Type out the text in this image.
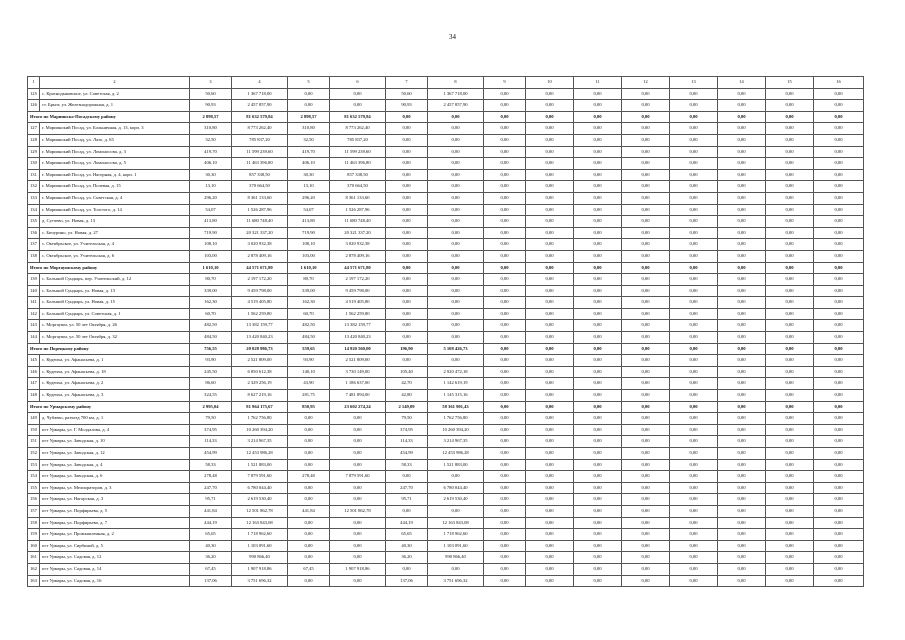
34
1	2	3	4	5	6	7	8	9	10	11	12	13	14	15	16
125	с. Краснодыковское, ул. Советская, д. 2	50,60	1 367 718,00	0,00	0,00	50,60	1 367 718,00	0,00	0,00	0,00	0,00	0,00	0,00	0,00	0,00
126	ст. Брызг, ул. Железнодорожная, д. 1	90,93	2 457 857,90	0,00	0,00	90,93	2 457 857,90	0,00	0,00	0,00	0,00	0,00	0,00	0,00	0,00
Итого по Мариинско-Посадскому району		2 898,57	81 632 579,84	2 898,57	81 632 579,84	0,00	0,00	0,00	0,00	0,00	0,00	0,00	0,00	0,00	0,00
127	г. Мариинский Посад, ул. Больничная, д. 13, корп. 3	310,80	8 773 262,40	310,80	8 773 262,40	0,00	0,00	0,00	0,00	0,00	0,00	0,00	0,00	0,00	0,00
128	г. Мариинский Посад, ул. Лазо, д. 65	32,50	785 837,20	32,50	785 837,20	0,00	0,00	0,00	0,00	0,00	0,00	0,00	0,00	0,00	0,00
129	г. Мариинский Посад, ул. Ломоносова, д. 3	419,70	11 599 239,60	419,70	11 599 239,60	0,00	0,00	0,00	0,00	0,00	0,00	0,00	0,00	0,00	0,00
130	г. Мариинский Посад, ул. Ломоносова, д. 5	406,10	11 463 396,80	406,10	11 463 396,80	0,00	0,00	0,00	0,00	0,00	0,00	0,00	0,00	0,00	0,00
131	г. Мариинский Посад, ул. Нагорная, д. 4, корп. 1	30,30	857 338,50	30,30	857 338,50	0,00	0,00	0,00	0,00	0,00	0,00	0,00	0,00	0,00	0,00
132	г. Мариинский Посад, ул. Полевая, д. 15	13,10	370 664,50	13,10	370 664,50	0,00	0,00	0,00	0,00	0,00	0,00	0,00	0,00	0,00	0,00
133	г. Мариинский Посад, ул. Советская, д. 4	296,20	8 361 133,60	296,20	8 361 133,60	0,00	0,00	0,00	0,00	0,00	0,00	0,00	0,00	0,00	0,00
134	г. Мариинский Посад, ул. Толстого, д. 14	54,07	1 526 287,96	54,07	1 526 287,96	0,00	0,00	0,00	0,00	0,00	0,00	0,00	0,00	0,00	0,00
135	д. Сутчево, ул. Новая, д. 13	413,80	11 680 748,40	413,80	11 680 748,40	0,00	0,00	0,00	0,00	0,00	0,00	0,00	0,00	0,00	0,00
136	с. Бичурино, ул. Новая, д. 27	719,90	20 321 337,20	719,90	20 321 337,20	0,00	0,00	0,00	0,00	0,00	0,00	0,00	0,00	0,00	0,00
137	с. Октябрьское, ул. Учительская, д. 4	108,10	3 020 932,38	108,10	3 020 932,38	0,00	0,00	0,00	0,00	0,00	0,00	0,00	0,00	0,00	0,00
138	с. Октябрьское, ул. Учительская, д. 6	103,00	2 878 409,16	103,00	2 878 409,16	0,00	0,00	0,00	0,00	0,00	0,00	0,00	0,00	0,00	0,00
Итого по Моргаушскому району		1 610,10	44 571 671,80	1 610,10	44 571 671,80	0,00	0,00	0,00	0,00	0,00	0,00	0,00	0,00	0,00	0,00
139	с. Большой Сундырь, пер. Учительский, д. 12	80,70	2 197 172,20	80,70	2 197 172,20	0,00	0,00	0,00	0,00	0,00	0,00	0,00	0,00	0,00	0,00
140	с. Большой Сундырь, ул. Новая, д. 13	339,00	9 459 798,00	339,00	9 459 798,00	0,00	0,00	0,00	0,00	0,00	0,00	0,00	0,00	0,00	0,00
141	с. Большой Сундырь, ул. Новая, д. 15	162,30	4 519 405,80	162,30	4 519 405,80	0,00	0,00	0,00	0,00	0,00	0,00	0,00	0,00	0,00	0,00
142	с. Большой Сундырь, ул. Советская, д. 1	60,70	1 562 259,80	60,70	1 562 259,80	0,00	0,00	0,00	0,00	0,00	0,00	0,00	0,00	0,00	0,00
143	с. Моргауши, ул. 50 лет Октября, д. 26	482,50	13 382 159,77	482,50	13 382 159,77	0,00	0,00	0,00	0,00	0,00	0,00	0,00	0,00	0,00	0,00
144	с. Моргауши, ул. 50 лет Октября, д. 32	484,50	13 420 840,23	484,50	13 420 840,23	0,00	0,00	0,00	0,00	0,00	0,00	0,00	0,00	0,00	0,00
Итого по Порецкому району		756,55	20 028 986,73	559,65	14 920 560,00	196,90	5 108 426,73	0,00	0,00	0,00	0,00	0,00	0,00	0,00	0,00
145	с. Кудеиха, ул. Афанасьева, д. 1	93,90	2 521 809,00	93,90	2 521 809,00	0,00	0,00	0,00	0,00	0,00	0,00	0,00	0,00	0,00	0,00
146	с. Кудеиха, ул. Афанасьева, д. 18	245,50	6 850 612,38	140,10	3 730 149,00	105,40	2 920 472,18	0,00	0,00	0,00	0,00	0,00	0,00	0,00	0,00
147	с. Кудеиха, ул. Афанасьева, д. 2	86,60	2 329 256,19	43,90	1 186 637,00	42,70	1 142 619,19	0,00	0,00	0,00	0,00	0,00	0,00	0,00	0,00
148	с. Кудеиха, ул. Афанасьева, д. 3	324,55	8 627 219,16	281,75	7 481 894,00	42,80	1 145 315,16	0,00	0,00	0,00	0,00	0,00	0,00	0,00	0,00
Итого по Урмарскому району		2 995,04	81 964 175,67	850,95	23 602 274,24	2 149,09	58 361 901,43	0,00	0,00	0,00	0,00	0,00	0,00	0,00	0,00
149	д. Чубаево, разъезд 700 км, д. 1	79,50	1 762 756,80	0,00	0,00	79,50	1 762 756,80	0,00	0,00	0,00	0,00	0,00	0,00	0,00	0,00
150	пгт Урмары, ул. Г. Молдалова, д. 4	374,95	10 260 394,20	0,00	0,00	374,95	10 260 394,20	0,00	0,00	0,00	0,00	0,00	0,00	0,00	0,00
151	пгт Урмары, ул. Заводская, д. 10	114,33	3 214 967,35	0,00	0,00	114,33	3 214 967,35	0,00	0,00	0,00	0,00	0,00	0,00	0,00	0,00
152	пгт Урмары, ул. Заводская, д. 12	454,99	12 453 986,28	0,00	0,00	454,99	12 453 986,28	0,00	0,00	0,00	0,00	0,00	0,00	0,00	0,00
153	пгт Урмары, ул. Заводская, д. 4	58,33	1 521 883,00	0,00	0,00	58,33	1 521 883,00	0,00	0,00	0,00	0,00	0,00	0,00	0,00	0,00
154	пгт Урмары, ул. Заводская, д. 6	278,48	7 879 591,60	278,48	7 879 591,60	0,00	0,00	0,00	0,00	0,00	0,00	0,00	0,00	0,00	0,00
155	пгт Урмары, ул. Мелиораторов, д. 3	247,70	6 780 044,40	0,00	0,00	247,70	6 780 044,40	0,00	0,00	0,00	0,00	0,00	0,00	0,00	0,00
156	пгт Урмары, ул. Нагорская, д. 3	95,71	2 619 530,40	0,00	0,00	95,71	2 619 530,40	0,00	0,00	0,00	0,00	0,00	0,00	0,00	0,00
157	пгт Урмары, ул. Порфирьева, д. 5	441,84	12 501 862,78	441,84	12 501 862,78	0,00	0,00	0,00	0,00	0,00	0,00	0,00	0,00	0,00	0,00
158	пгт Урмары, ул. Порфирьева, д. 7	444,19	12 163 843,08	0,00	0,00	444,19	12 163 843,08	0,00	0,00	0,00	0,00	0,00	0,00	0,00	0,00
159	пгт Урмары, ул. Промышленная, д. 2	65,65	1 718 962,60	0,00	0,00	65,65	1 718 962,60	0,00	0,00	0,00	0,00	0,00	0,00	0,00	0,00
160	пгт Урмары, ул. Сирбиной, д. 5	40,30	1 103 091,60	0,00	0,00	40,30	1 103 091,60	0,00	0,00	0,00	0,00	0,00	0,00	0,00	0,00
161	пгт Урмары, ул. Садовая, д. 12	36,20	990 866,40	0,00	0,00	36,20	990 866,40	0,00	0,00	0,00	0,00	0,00	0,00	0,00	0,00
162	пгт Урмары, ул. Садовая, д. 14	67,45	1 907 918,86	67,45	1 907 918,86	0,00	0,00	0,00	0,00	0,00	0,00	0,00	0,00	0,00	0,00
163	пгт Урмары, ул. Садовая, д. 16	137,06	3 751 696,32	0,00	0,00	137,06	3 751 696,32	0,00	0,00	0,00	0,00	0,00	0,00	0,00	0,00
